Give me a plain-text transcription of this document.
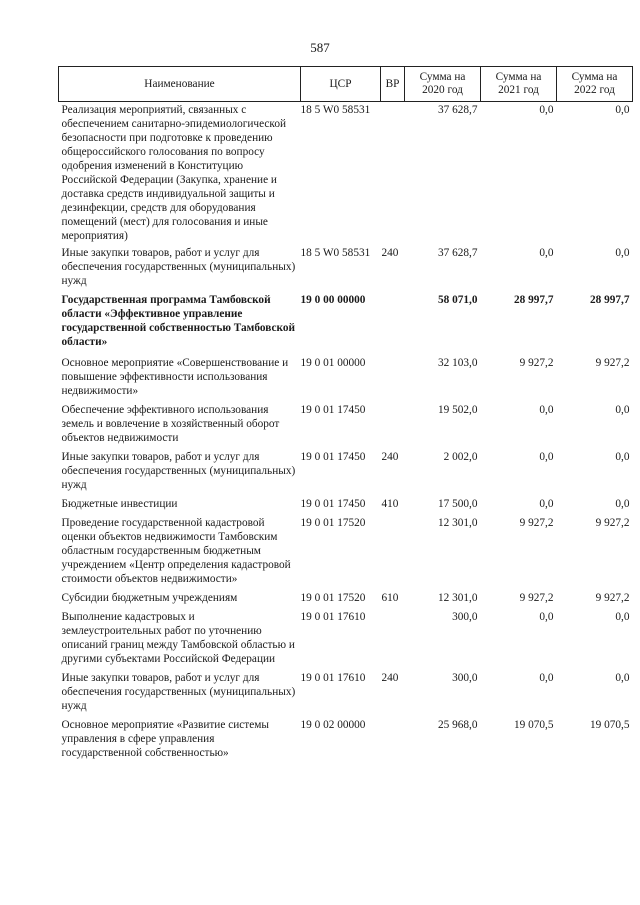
587
Наименование	ЦСР	ВР	Сумма на 2020 год	Сумма на 2021 год	Сумма на 2022 год
Реализация мероприятий, связанных с обеспечением санитарно-эпидемиологической безопасности при подготовке к проведению общероссийского голосования по вопросу одобрения изменений в Конституцию Российской Федерации (Закупка, хранение и доставка средств индивидуальной защиты и дезинфекции, средств для оборудования помещений (мест) для голосования и иные мероприятия)	18 5 W0 58531		37 628,7	0,0	0,0
Иные закупки товаров, работ и услуг для обеспечения государственных (муниципальных) нужд	18 5 W0 58531	240	37 628,7	0,0	0,0
Государственная программа Тамбовской области «Эффективное управление государственной собственностью Тамбовской области»	19 0 00 00000		58 071,0	28 997,7	28 997,7
Основное мероприятие «Совершенствование и повышение эффективности использования недвижимости»	19 0 01 00000		32 103,0	9 927,2	9 927,2
Обеспечение эффективного использования земель и вовлечение в хозяйственный оборот объектов недвижимости	19 0 01 17450		19 502,0	0,0	0,0
Иные закупки товаров, работ и услуг для обеспечения государственных (муниципальных) нужд	19 0 01 17450	240	2 002,0	0,0	0,0
Бюджетные инвестиции	19 0 01 17450	410	17 500,0	0,0	0,0
Проведение государственной кадастровой оценки объектов недвижимости Тамбовским областным государственным бюджетным учреждением «Центр определения кадастровой стоимости объектов недвижимости»	19 0 01 17520		12 301,0	9 927,2	9 927,2
Субсидии бюджетным учреждениям	19 0 01 17520	610	12 301,0	9 927,2	9 927,2
Выполнение кадастровых и землеустроительных работ по уточнению описаний границ между Тамбовской областью и другими субъектами Российской Федерации	19 0 01 17610		300,0	0,0	0,0
Иные закупки товаров, работ и услуг для обеспечения государственных (муниципальных) нужд	19 0 01 17610	240	300,0	0,0	0,0
Основное мероприятие «Развитие системы управления в сфере управления государственной собственностью»	19 0 02 00000		25 968,0	19 070,5	19 070,5
